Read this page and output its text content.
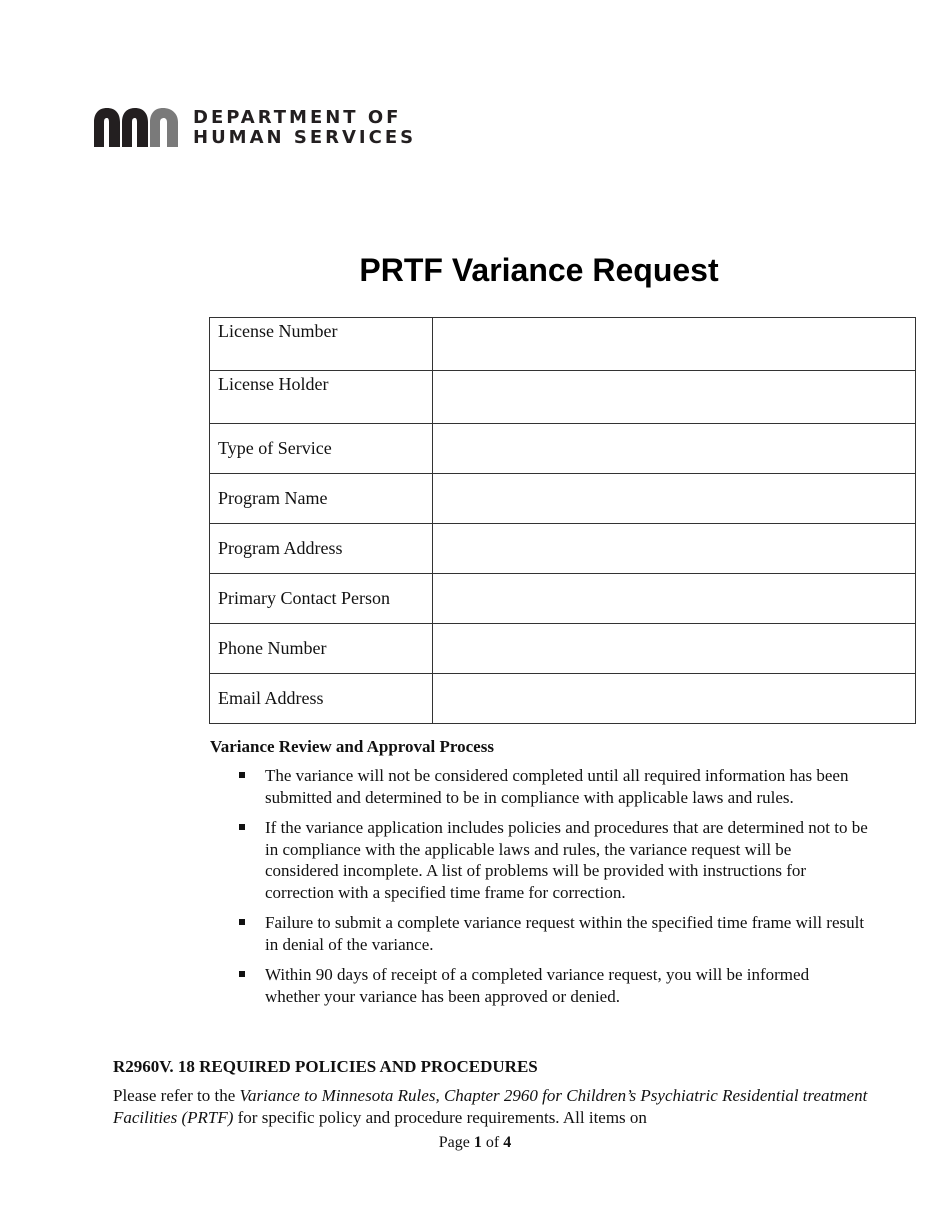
DEPARTMENT OF
HUMAN SERVICES
PRTF Variance Request
License Number	
License Holder	
Type of Service	
Program Name	
Program Address	
Primary Contact Person	
Phone Number	
Email Address	
Variance Review and Approval Process
The variance will not be considered completed until all required information has been submitted and determined to be in compliance with applicable laws and rules.
If the variance application includes policies and procedures that are determined not to be in compliance with the applicable laws and rules, the variance request will be considered incomplete. A list of problems will be provided with instructions for correction with a specified time frame for correction.
Failure to submit a complete variance request within the specified time frame will result in denial of the variance.
Within 90 days of receipt of a completed variance request, you will be informed whether your variance has been approved or denied.
R2960V. 18 REQUIRED POLICIES AND PROCEDURES

Please refer to the Variance to Minnesota Rules, Chapter 2960 for Children’s Psychiatric Residential treatment Facilities (PRTF) for specific policy and procedure requirements. All items on

Page 1 of 4
